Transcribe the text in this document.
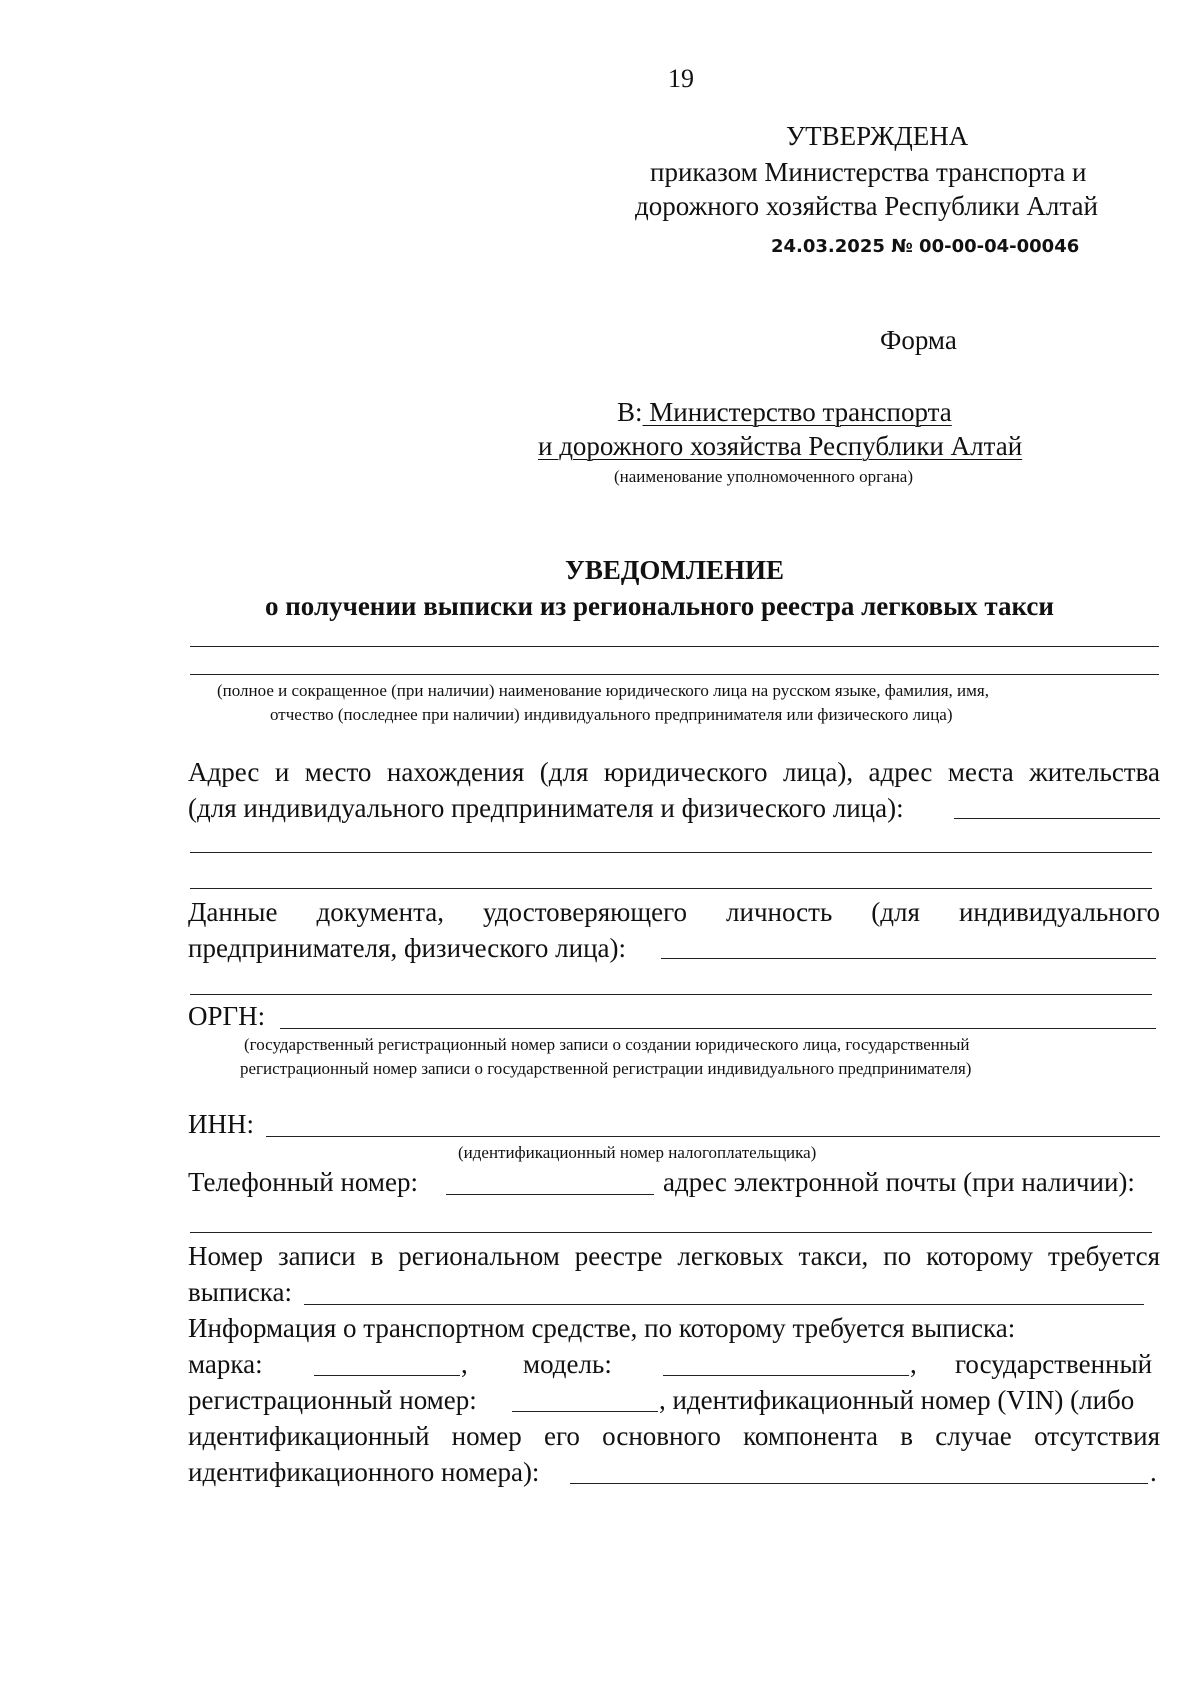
19
УТВЕРЖДЕНА
приказом Министерства транспорта и
дорожного хозяйства Республики Алтай
24.03.2025 № 00-00-04-00046
Форма
В: Министерство транспорта
и дорожного хозяйства Республики Алтай
(наименование уполномоченного органа)
УВЕДОМЛЕНИЕ
о получении выписки из регионального реестра легковых такси
(полное и сокращенное (при наличии) наименование юридического лица на русском языке, фамилия, имя,
отчество (последнее при наличии) индивидуального предпринимателя или физического лица)
Адрес и место нахождения (для юридического лица), адрес места жительства
(для индивидуального предпринимателя и физического лица):
Данные документа, удостоверяющего личность (для индивидуального
предпринимателя, физического лица):
ОРГН:
(государственный регистрационный номер записи о создании юридического лица, государственный
регистрационный номер записи о государственной регистрации индивидуального предпринимателя)
ИНН:
(идентификационный номер налогоплательщика)
Телефонный номер:	адрес электронной почты (при наличии):
Номер записи в региональном реестре легковых такси, по которому требуется
выписка:
Информация о транспортном средстве, по которому требуется выписка:
марка:	, модель:	, государственный
регистрационный номер:	, идентификационный номер (VIN) (либо
идентификационный номер его основного компонента в случае отсутствия
идентификационного номера):	.
